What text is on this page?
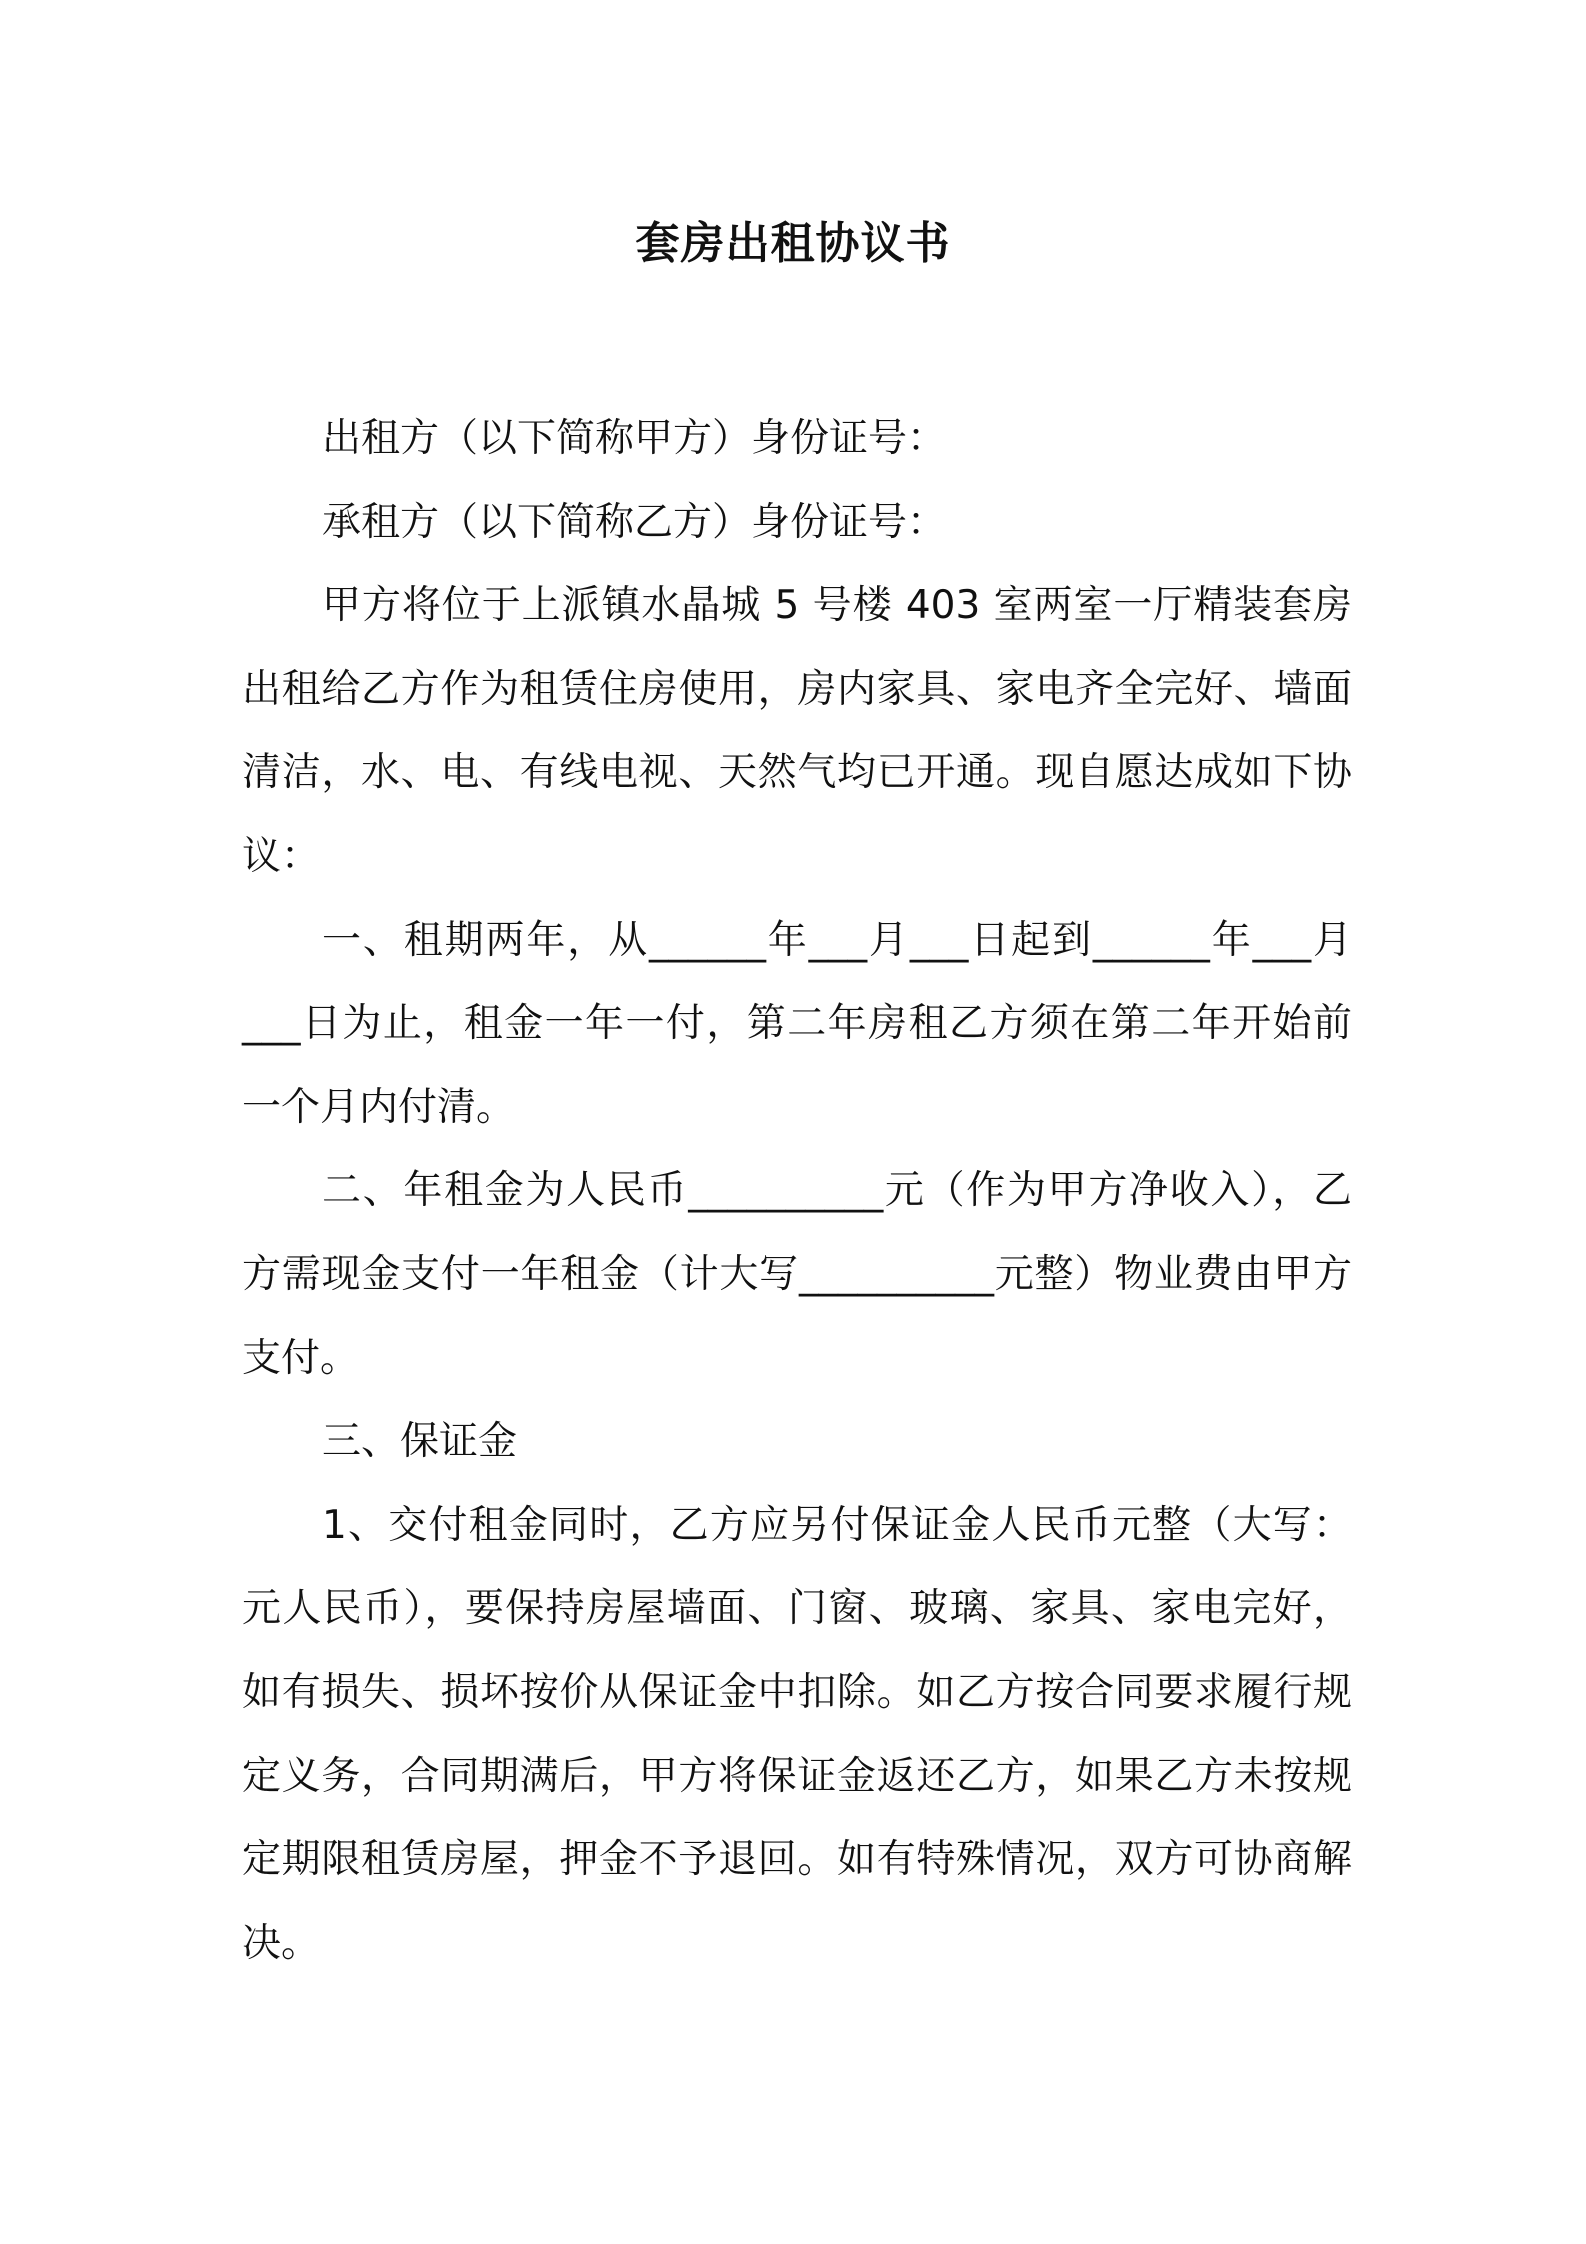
套房出租协议书

出租方（以下简称甲方）身份证号：

承租方（以下简称乙方）身份证号：

甲方将位于上派镇水晶城 5 号楼 403 室两室一厅精装套房出租给乙方作为租赁住房使用，房内家具、家电齐全完好、墙面清洁，水、电、有线电视、天然气均已开通。现自愿达成如下协议：

一、租期两年，从______年___月___日起到______年___月___日为止，租金一年一付，第二年房租乙方须在第二年开始前一个月内付清。

二、年租金为人民币__________元（作为甲方净收入），乙方需现金支付一年租金（计大写__________元整）物业费由甲方支付。

三、保证金

1、交付租金同时，乙方应另付保证金人民币元整（大写：元人民币），要保持房屋墙面、门窗、玻璃、家具、家电完好，如有损失、损坏按价从保证金中扣除。如乙方按合同要求履行规定义务，合同期满后，甲方将保证金返还乙方，如果乙方未按规定期限租赁房屋，押金不予退回。如有特殊情况，双方可协商解决。
